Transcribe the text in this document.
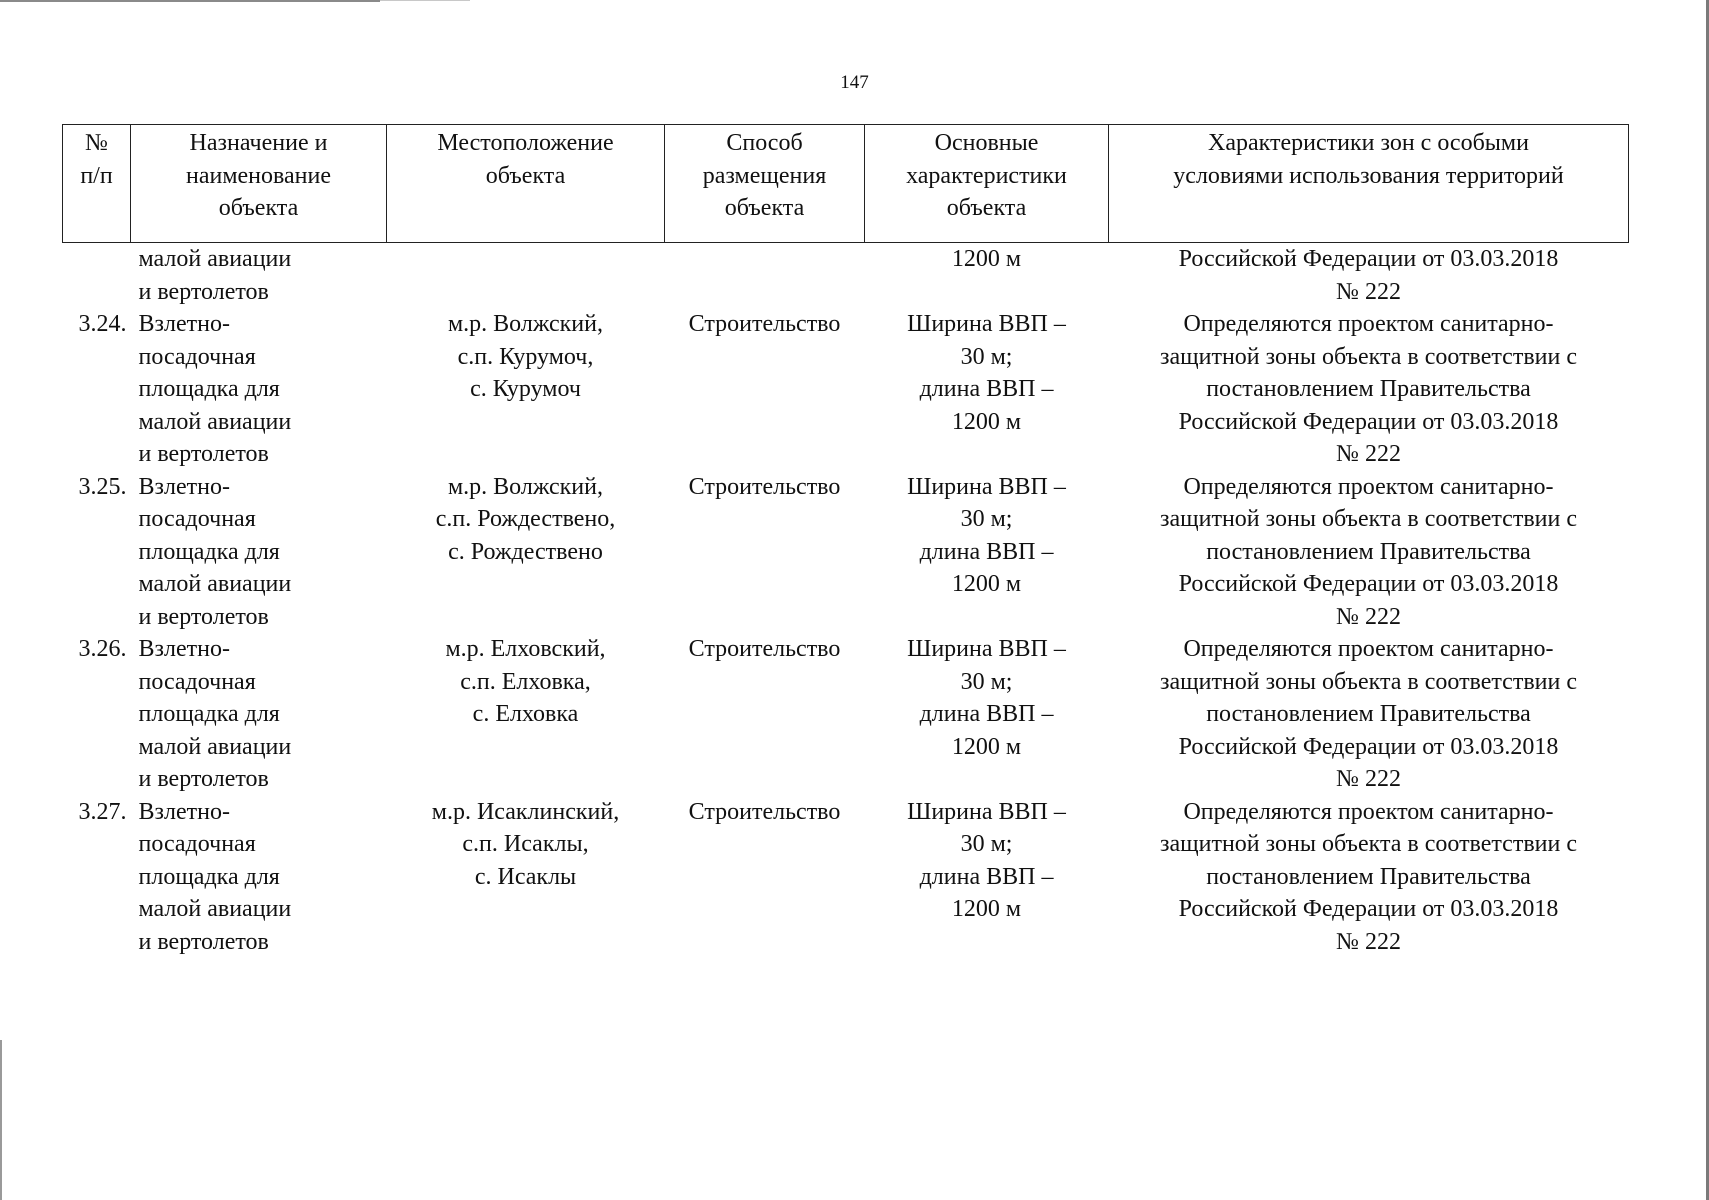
147
№
п/п	Назначение и
наименование
объекта	Местоположение
объекта	Способ
размещения
объекта	Основные
характеристики
объекта	Характеристики зон с особыми
условиями использования территорий
	малой авиации
и вертолетов			1200 м	Российской Федерации от 03.03.2018
№ 222
3.24.	Взлетно-
посадочная
площадка для
малой авиации
и вертолетов	м.р. Волжский,
с.п. Курумоч,
с. Курумоч	Строительство	Ширина ВВП –
30 м;
длина ВВП –
1200 м	Определяются проектом санитарно-
защитной зоны объекта в соответствии с
постановлением Правительства
Российской Федерации от 03.03.2018
№ 222
3.25.	Взлетно-
посадочная
площадка для
малой авиации
и вертолетов	м.р. Волжский,
с.п. Рождествено,
с. Рождествено	Строительство	Ширина ВВП –
30 м;
длина ВВП –
1200 м	Определяются проектом санитарно-
защитной зоны объекта в соответствии с
постановлением Правительства
Российской Федерации от 03.03.2018
№ 222
3.26.	Взлетно-
посадочная
площадка для
малой авиации
и вертолетов	м.р. Елховский,
с.п. Елховка,
с. Елховка	Строительство	Ширина ВВП –
30 м;
длина ВВП –
1200 м	Определяются проектом санитарно-
защитной зоны объекта в соответствии с
постановлением Правительства
Российской Федерации от 03.03.2018
№ 222
3.27.	Взлетно-
посадочная
площадка для
малой авиации
и вертолетов	м.р. Исаклинский,
с.п. Исаклы,
с. Исаклы	Строительство	Ширина ВВП –
30 м;
длина ВВП –
1200 м	Определяются проектом санитарно-
защитной зоны объекта в соответствии с
постановлением Правительства
Российской Федерации от 03.03.2018
№ 222
